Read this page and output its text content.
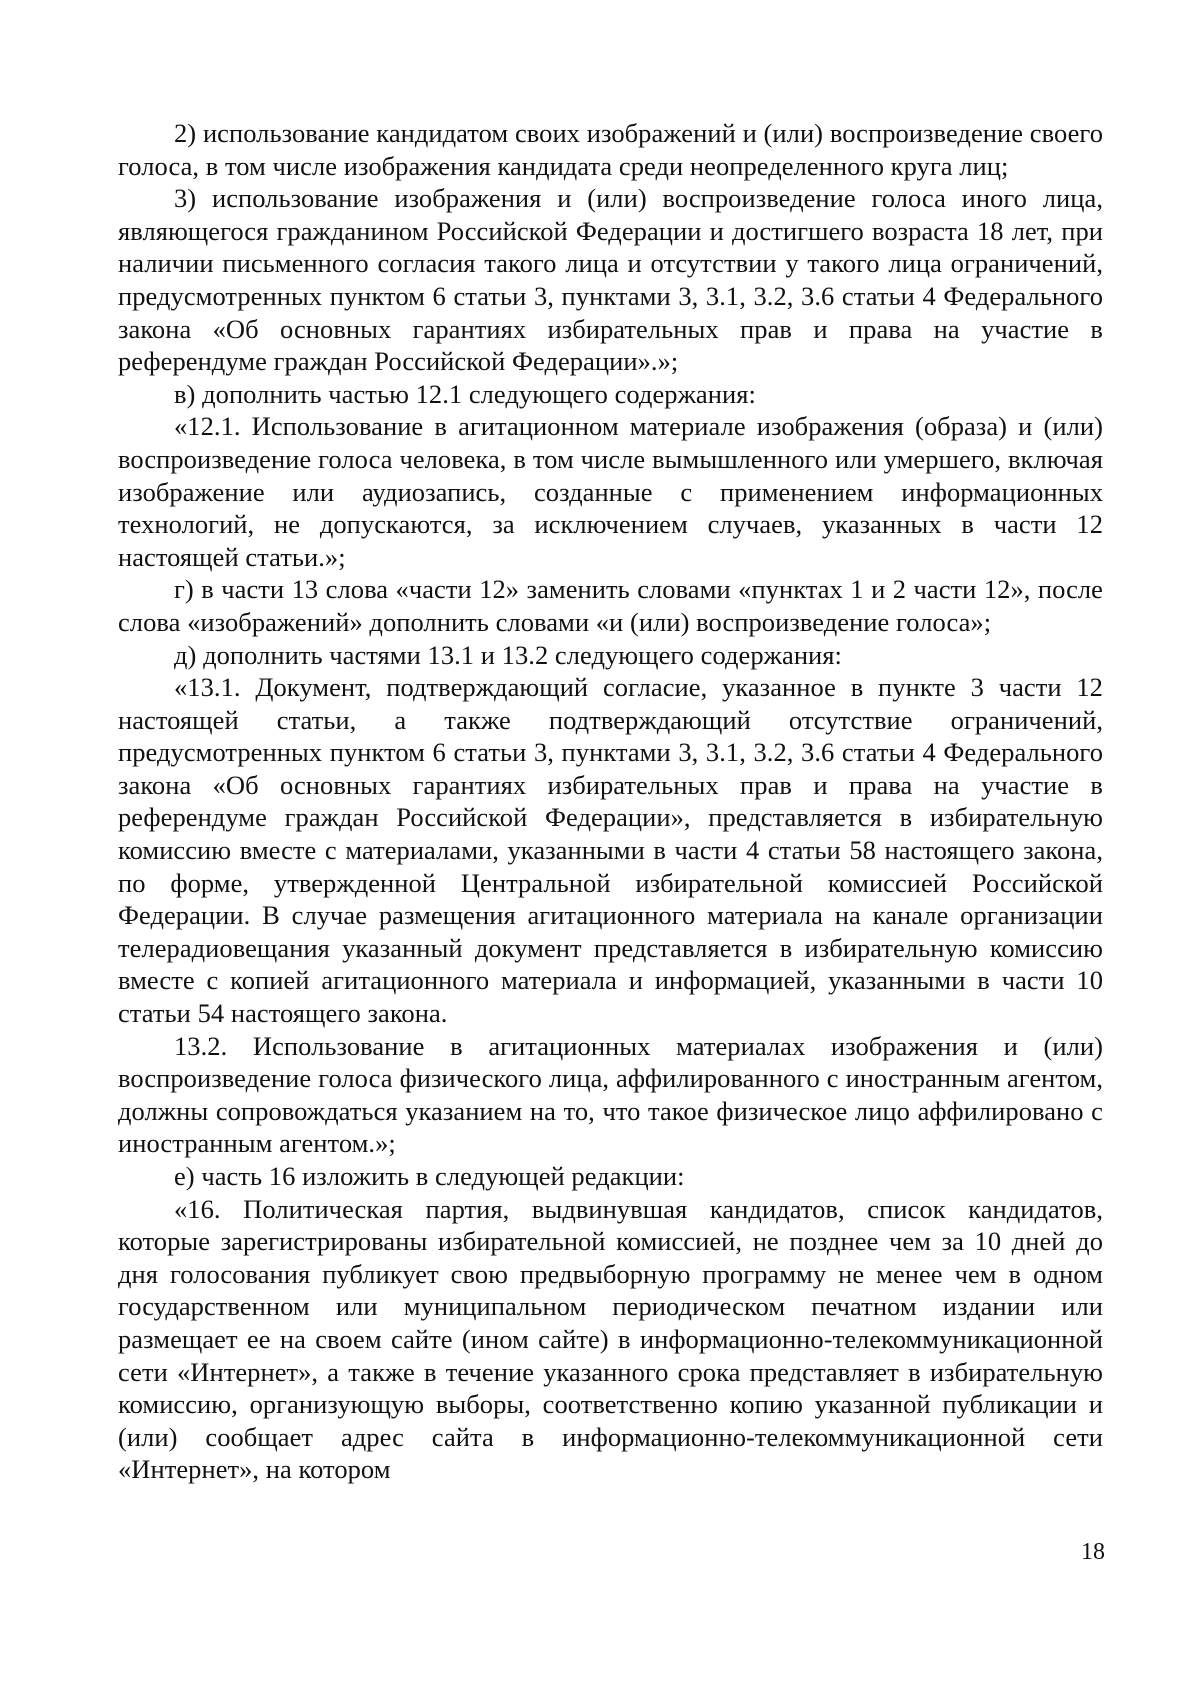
2) использование кандидатом своих изображений и (или) воспроизведение своего голоса, в том числе изображения кандидата среди неопределенного круга лиц;

3) использование изображения и (или) воспроизведение голоса иного лица, являющегося гражданином Российской Федерации и достигшего возраста 18 лет, при наличии письменного согласия такого лица и отсутствии у такого лица ограничений, предусмотренных пунктом 6 статьи 3, пунктами 3, 3.1, 3.2, 3.6 статьи 4 Федерального закона «Об основных гарантиях избирательных прав и права на участие в референдуме граждан Российской Федерации».»;

в) дополнить частью 12.1 следующего содержания:

«12.1. Использование в агитационном материале изображения (образа) и (или) воспроизведение голоса человека, в том числе вымышленного или умершего, включая изображение или аудиозапись, созданные с применением информационных технологий, не допускаются, за исключением случаев, указанных в части 12 настоящей статьи.»;

г) в части 13 слова «части 12» заменить словами «пунктах 1 и 2 части 12», после слова «изображений» дополнить словами «и (или) воспроизведение голоса»;

д) дополнить частями 13.1 и 13.2 следующего содержания:

«13.1. Документ, подтверждающий согласие, указанное в пункте 3 части 12 настоящей статьи, а также подтверждающий отсутствие ограничений, предусмотренных пунктом 6 статьи 3, пунктами 3, 3.1, 3.2, 3.6 статьи 4 Федерального закона «Об основных гарантиях избирательных прав и права на участие в референдуме граждан Российской Федерации», представляется в избирательную комиссию вместе с материалами, указанными в части 4 статьи 58 настоящего закона, по форме, утвержденной Центральной избирательной комиссией Российской Федерации. В случае размещения агитационного материала на канале организации телерадиовещания указанный документ представляется в избирательную комиссию вместе с копией агитационного материала и информацией, указанными в части 10 статьи 54 настоящего закона.

13.2. Использование в агитационных материалах изображения и (или) воспроизведение голоса физического лица, аффилированного с иностранным агентом, должны сопровождаться указанием на то, что такое физическое лицо аффилировано с иностранным агентом.»;

е) часть 16 изложить в следующей редакции:

«16. Политическая партия, выдвинувшая кандидатов, список кандидатов, которые зарегистрированы избирательной комиссией, не позднее чем за 10 дней до дня голосования публикует свою предвыборную программу не менее чем в одном государственном или муниципальном периодическом печатном издании или размещает ее на своем сайте (ином сайте) в информационно-телекоммуникационной сети «Интернет», а также в течение указанного срока представляет в избирательную комиссию, организующую выборы, соответственно копию указанной публикации и (или) сообщает адрес сайта в информационно-телекоммуникационной сети «Интернет», на котором

18
